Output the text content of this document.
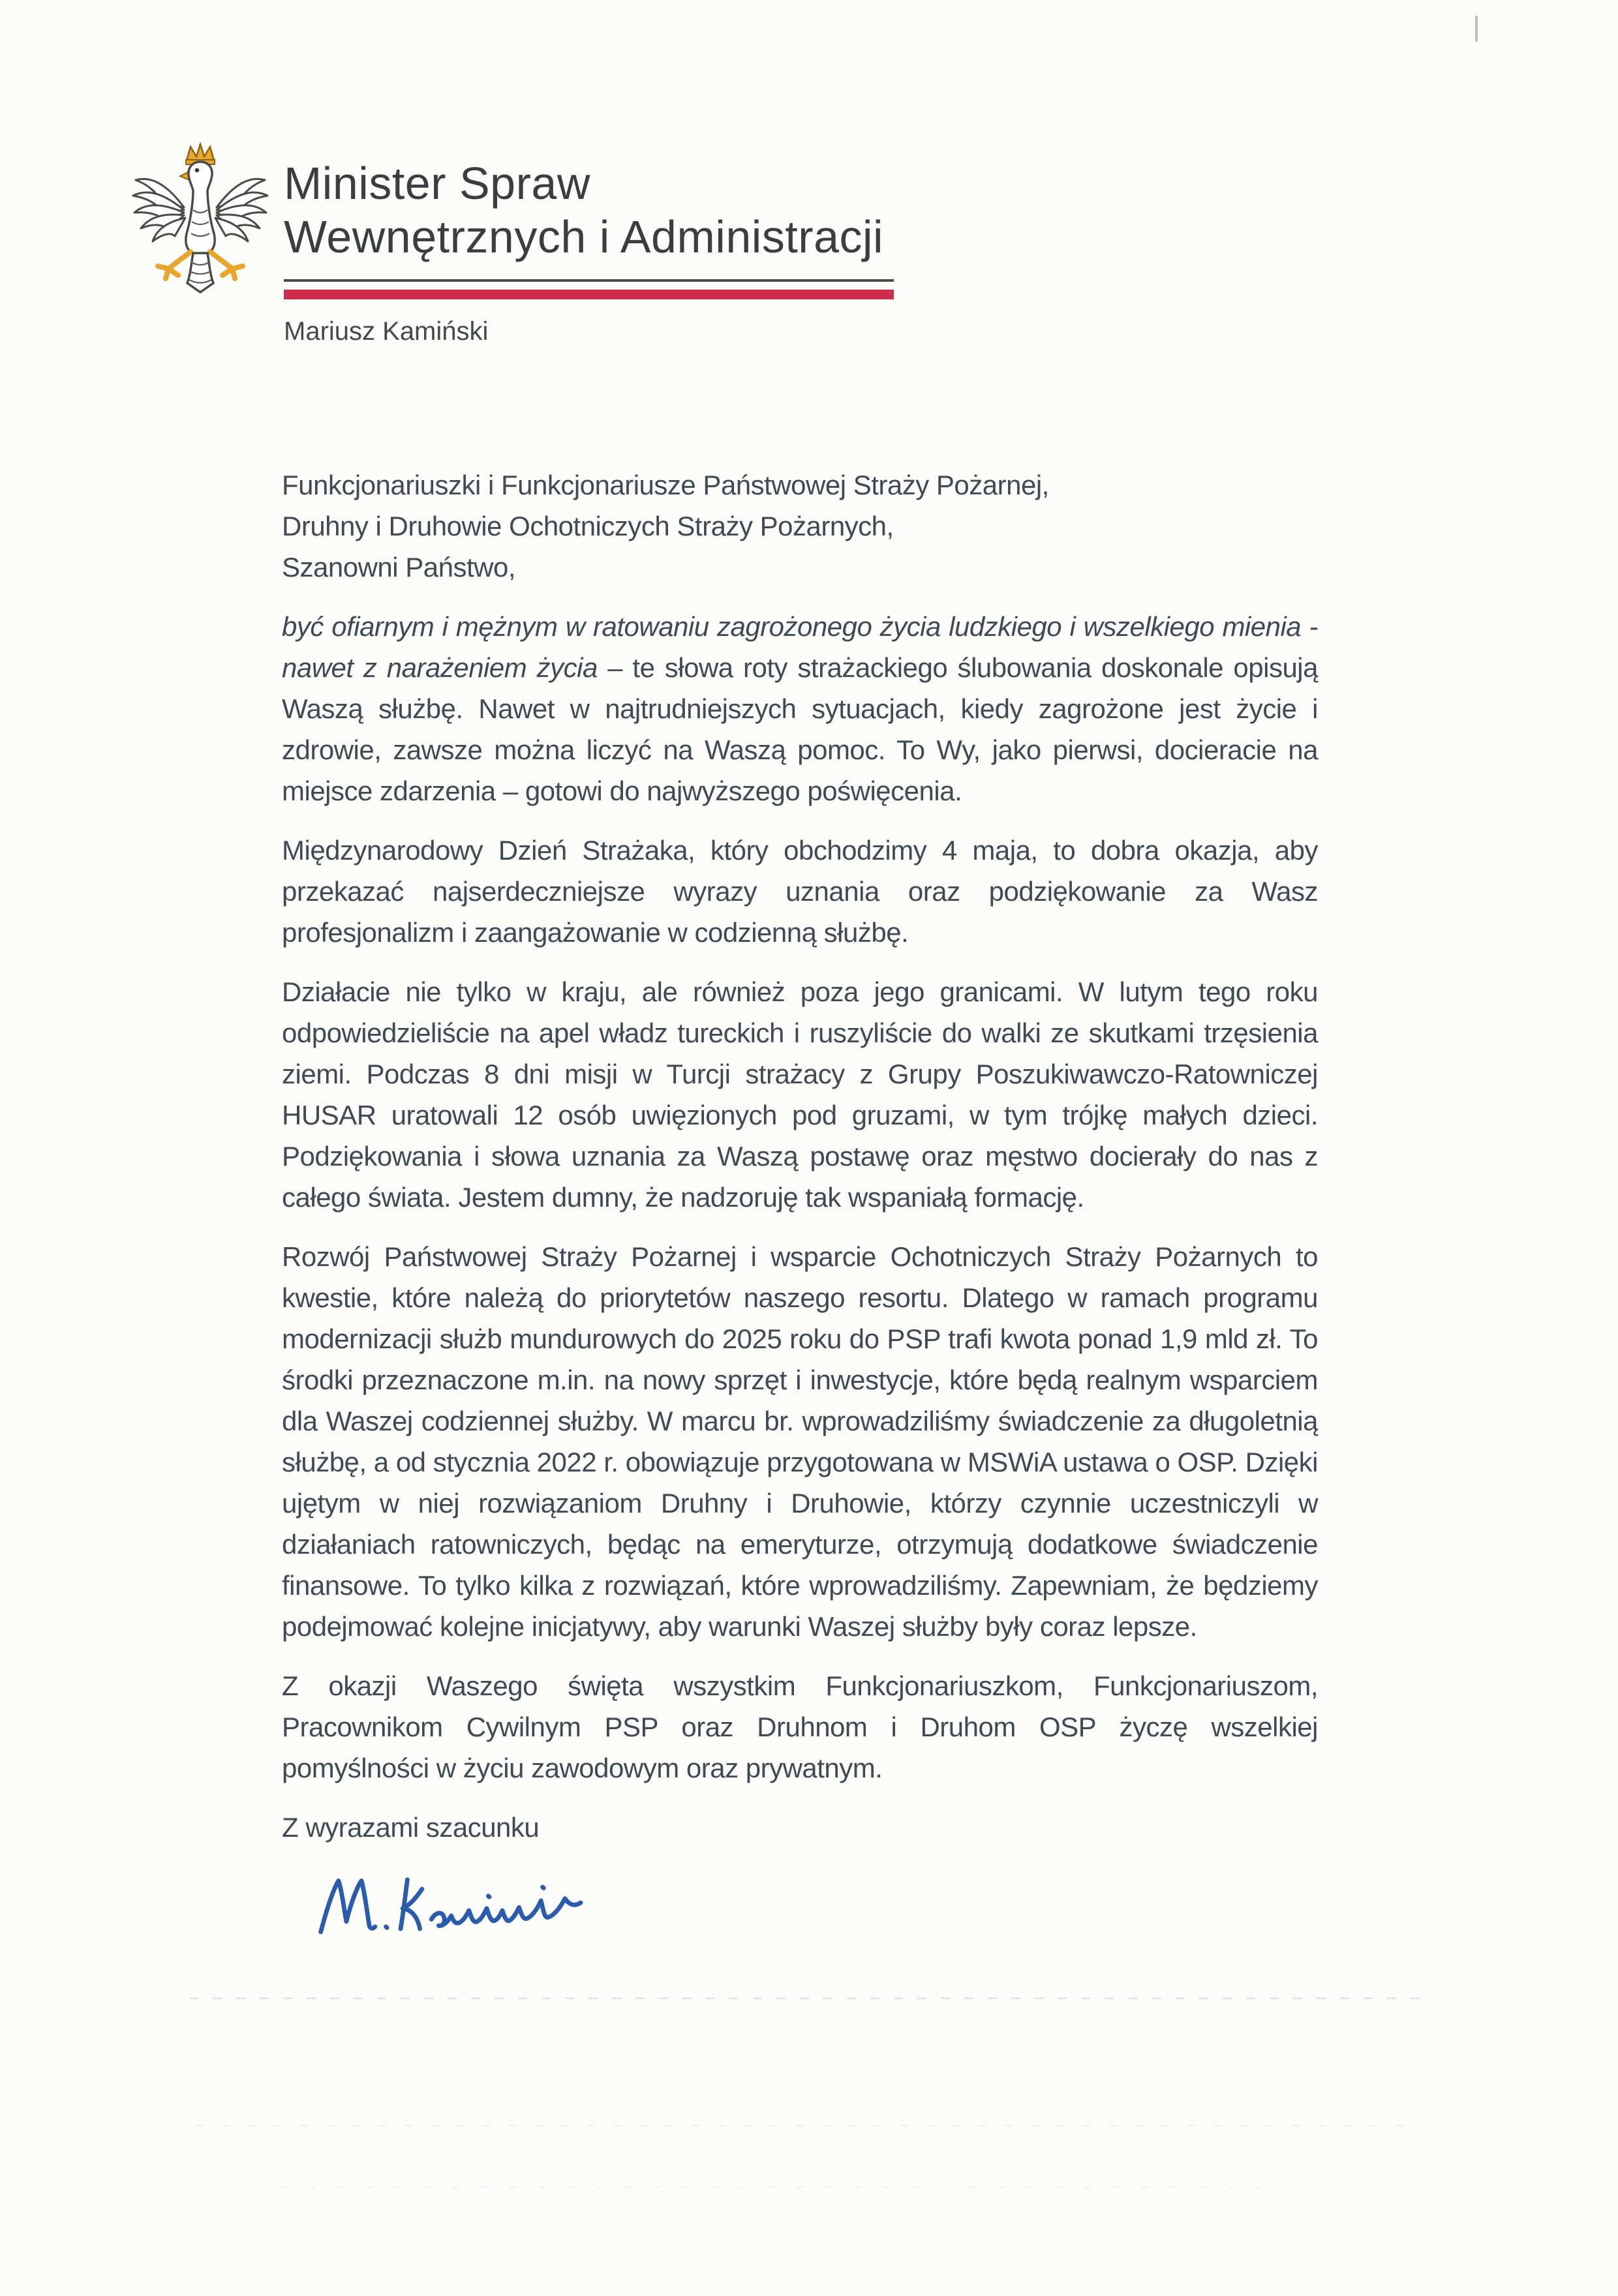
Minister Spraw
Wewnętrznych i Administracji
Mariusz Kamiński

Funkcjonariuszki i Funkcjonariusze Państwowej Straży Pożarnej,
Druhny i Druhowie Ochotniczych Straży Pożarnych,
Szanowni Państwo,

być ofiarnym i mężnym w ratowaniu zagrożonego życia ludzkiego i wszelkiego mienia - nawet z narażeniem życia – te słowa roty strażackiego ślubowania doskonale opisują Waszą służbę. Nawet w najtrudniejszych sytuacjach, kiedy zagrożone jest życie i zdrowie, zawsze można liczyć na Waszą pomoc. To Wy, jako pierwsi, docieracie na miejsce zdarzenia – gotowi do najwyższego poświęcenia.

Międzynarodowy Dzień Strażaka, który obchodzimy 4 maja, to dobra okazja, aby przekazać najserdeczniejsze wyrazy uznania oraz podziękowanie za Wasz profesjonalizm i zaangażowanie w codzienną służbę.

Działacie nie tylko w kraju, ale również poza jego granicami. W lutym tego roku odpowiedzieliście na apel władz tureckich i ruszyliście do walki ze skutkami trzęsienia ziemi. Podczas 8 dni misji w Turcji strażacy z Grupy Poszukiwawczo-Ratowniczej HUSAR uratowali 12 osób uwięzionych pod gruzami, w tym trójkę małych dzieci. Podziękowania i słowa uznania za Waszą postawę oraz męstwo docierały do nas z całego świata. Jestem dumny, że nadzoruję tak wspaniałą formację.

Rozwój Państwowej Straży Pożarnej i wsparcie Ochotniczych Straży Pożarnych to kwestie, które należą do priorytetów naszego resortu. Dlatego w ramach programu modernizacji służb mundurowych do 2025 roku do PSP trafi kwota ponad 1,9 mld zł. To środki przeznaczone m.in. na nowy sprzęt i inwestycje, które będą realnym wsparciem dla Waszej codziennej służby. W marcu br. wprowadziliśmy świadczenie za długoletnią służbę, a od stycznia 2022 r. obowiązuje przygotowana w MSWiA ustawa o OSP. Dzięki ujętym w niej rozwiązaniom Druhny i Druhowie, którzy czynnie uczestniczyli w działaniach ratowniczych, będąc na emeryturze, otrzymują dodatkowe świadczenie finansowe. To tylko kilka z rozwiązań, które wprowadziliśmy. Zapewniam, że będziemy podejmować kolejne inicjatywy, aby warunki Waszej służby były coraz lepsze.

Z okazji Waszego święta wszystkim Funkcjonariuszkom, Funkcjonariuszom, Pracownikom Cywilnym PSP oraz Druhnom i Druhom OSP życzę wszelkiej pomyślności w życiu zawodowym oraz prywatnym.

Z wyrazami szacunku
